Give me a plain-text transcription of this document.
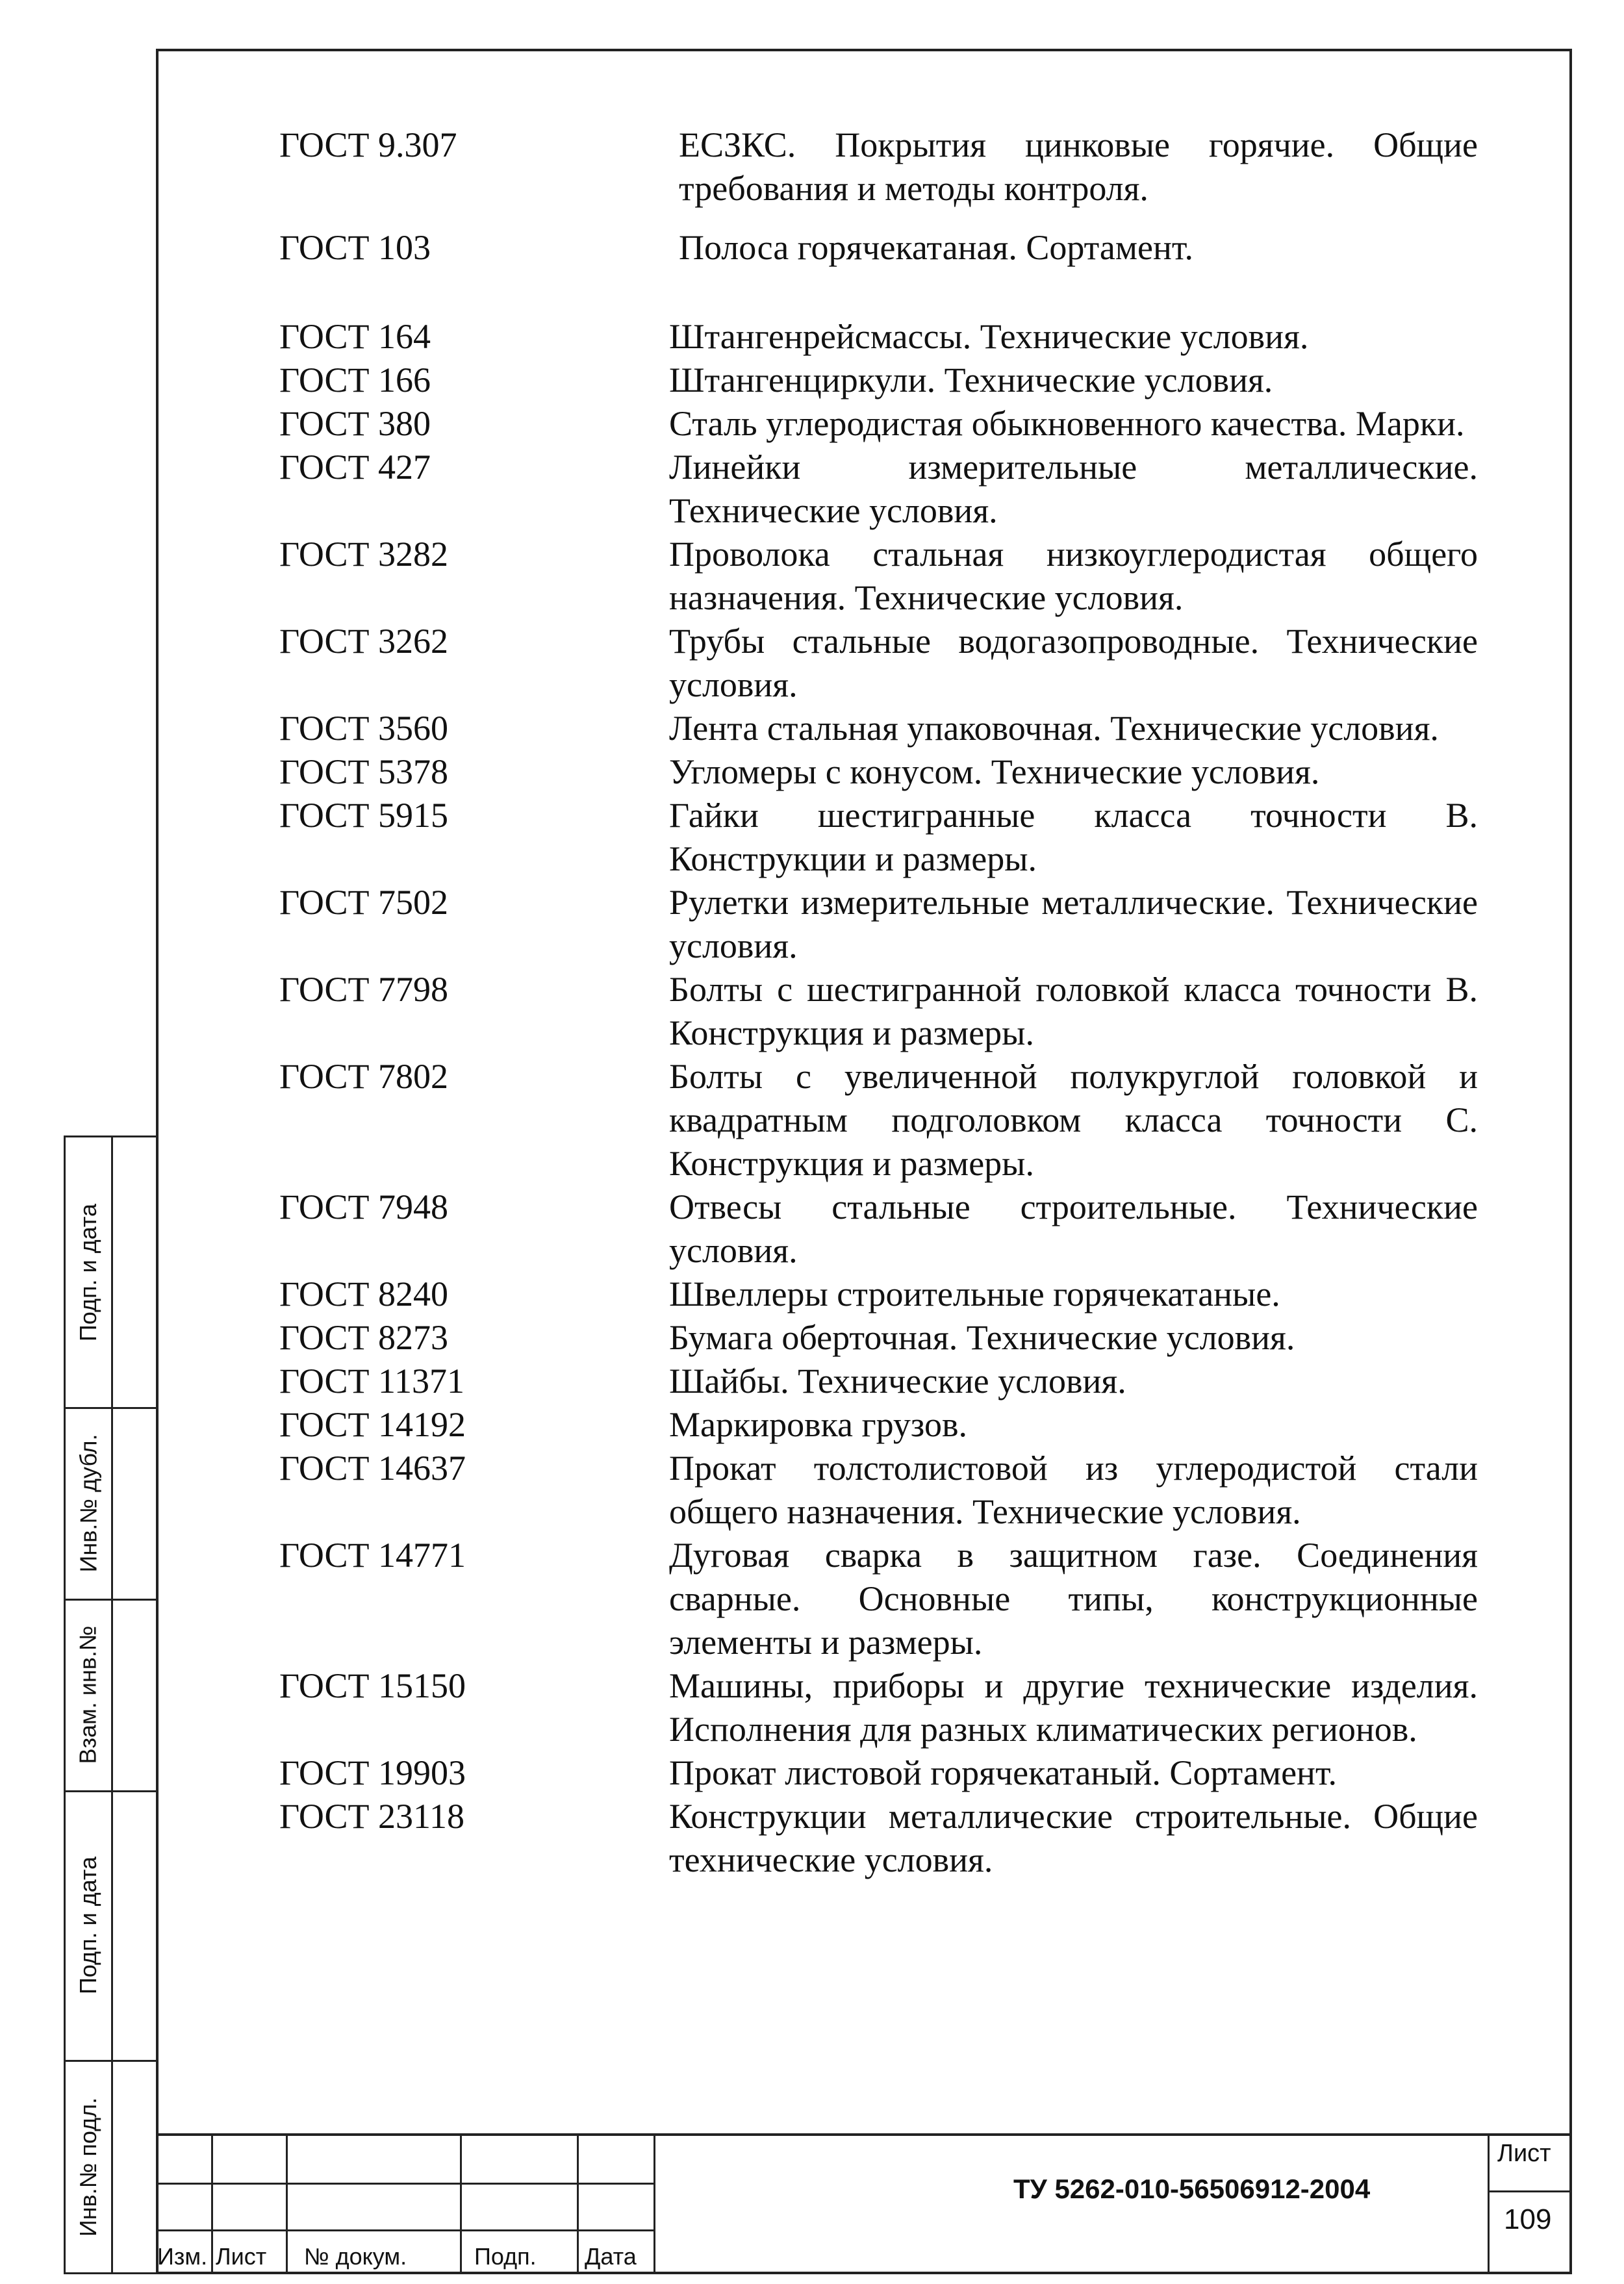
ГОСТ 9.307	ЕСЗКС. Покрытия цинковые горячие. Общие требования и методы контроля.
ГОСТ 103	Полоса горячекатаная. Сортамент.
ГОСТ 164	Штангенрейсмассы. Технические условия.
ГОСТ 166	Штангенциркули. Технические условия.
ГОСТ 380	Сталь углеродистая обыкновенного качества. Марки.
ГОСТ 427	Линейки измерительные металлические. Технические условия.
ГОСТ 3282	Проволока стальная низкоуглеродистая общего назначения. Технические условия.
ГОСТ 3262	Трубы стальные водогазопроводные. Технические условия.
ГОСТ 3560	Лента стальная упаковочная. Технические условия.
ГОСТ 5378	Угломеры с конусом. Технические условия.
ГОСТ 5915	Гайки шестигранные класса точности В. Конструкции и размеры.
ГОСТ 7502	Рулетки измерительные металлические. Технические условия.
ГОСТ 7798	Болты с шестигранной головкой класса точности В. Конструкция и размеры.
ГОСТ 7802	Болты с увеличенной полукруглой головкой и квадратным подголовком класса точности С. Конструкция и размеры.
ГОСТ 7948	Отвесы стальные строительные. Технические условия.
ГОСТ 8240	Швеллеры строительные горячекатаные.
ГОСТ 8273	Бумага оберточная. Технические условия.
ГОСТ 11371	Шайбы. Технические условия.
ГОСТ 14192	Маркировка грузов.
ГОСТ 14637	Прокат толстолистовой из углеродистой стали общего назначения. Технические условия.
ГОСТ 14771	Дуговая сварка в защитном газе. Соединения сварные. Основные типы, конструкционные элементы и размеры.
ГОСТ 15150	Машины, приборы и другие технические изделия. Исполнения для разных климатических регионов.
ГОСТ 19903	Прокат листовой горячекатаный. Сортамент.
ГОСТ 23118	Конструкции металлические строительные. Общие технические условия.
Подп. и дата
Инв.№ дубл.
Взам. инв.№
Подп. и дата
Инв.№ подл.
Изм. Лист № докум.	Подп. Дата
ТУ 5262-010-56506912-2004
Лист
109
